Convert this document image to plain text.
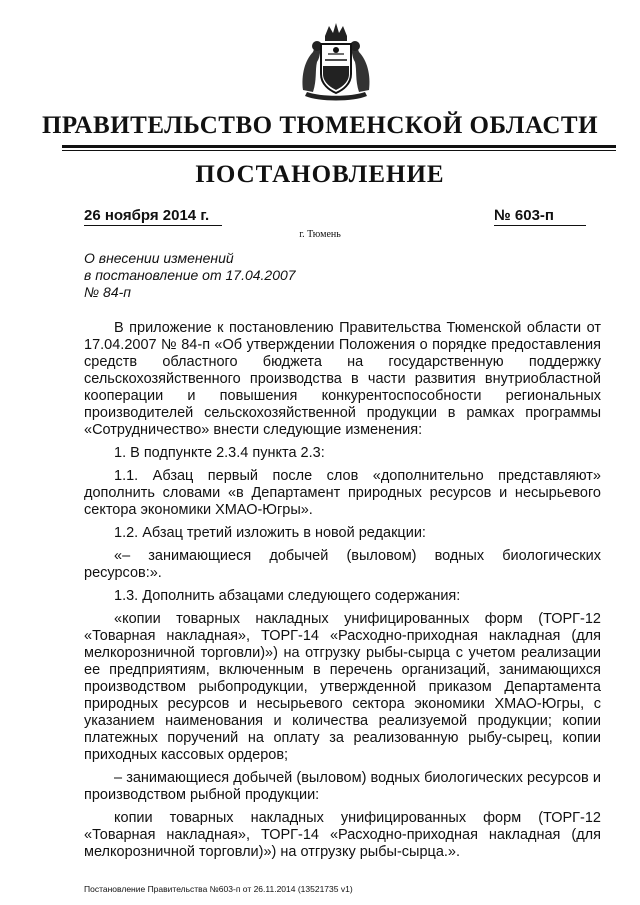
ПРАВИТЕЛЬСТВО ТЮМЕНСКОЙ ОБЛАСТИ
ПОСТАНОВЛЕНИЕ
26 ноября 2014 г.	№ 603-п
г. Тюмень
О внесении изменений
в постановление от 17.04.2007
№ 84-п

В приложение к постановлению Правительства Тюменской области от 17.04.2007 № 84-п «Об утверждении Положения о порядке предоставления средств областного бюджета на государственную поддержку сельскохозяйственного производства в части развития внутриобластной кооперации и повышения конкурентоспособности региональных производителей сельскохозяйственной продукции в рамках программы «Сотрудничество» внести следующие изменения:

1. В подпункте 2.3.4 пункта 2.3:

1.1. Абзац первый после слов «дополнительно представляют» дополнить словами «в Департамент природных ресурсов и несырьевого сектора экономики ХМАО-Югры».

1.2. Абзац третий изложить в новой редакции:

«– занимающиеся добычей (выловом) водных биологических ресурсов:».

1.3. Дополнить абзацами следующего содержания:

«копии товарных накладных унифицированных форм (ТОРГ-12 «Товарная накладная», ТОРГ-14 «Расходно-приходная накладная (для мелкорозничной торговли)») на отгрузку рыбы-сырца с учетом реализации ее предприятиям, включенным в перечень организаций, занимающихся производством рыбопродукции, утвержденной приказом Департамента природных ресурсов и несырьевого сектора экономики ХМАО-Югры, с указанием наименования и количества реализуемой продукции; копии платежных поручений на оплату за реализованную рыбу-сырец, копии приходных кассовых ордеров;

– занимающиеся добычей (выловом) водных биологических ресурсов и производством рыбной продукции:

копии товарных накладных унифицированных форм (ТОРГ-12 «Товарная накладная», ТОРГ-14 «Расходно-приходная накладная (для мелкорозничной торговли)») на отгрузку рыбы-сырца.».

Постановление Правительства №603-п от 26.11.2014 (13521735 v1)
